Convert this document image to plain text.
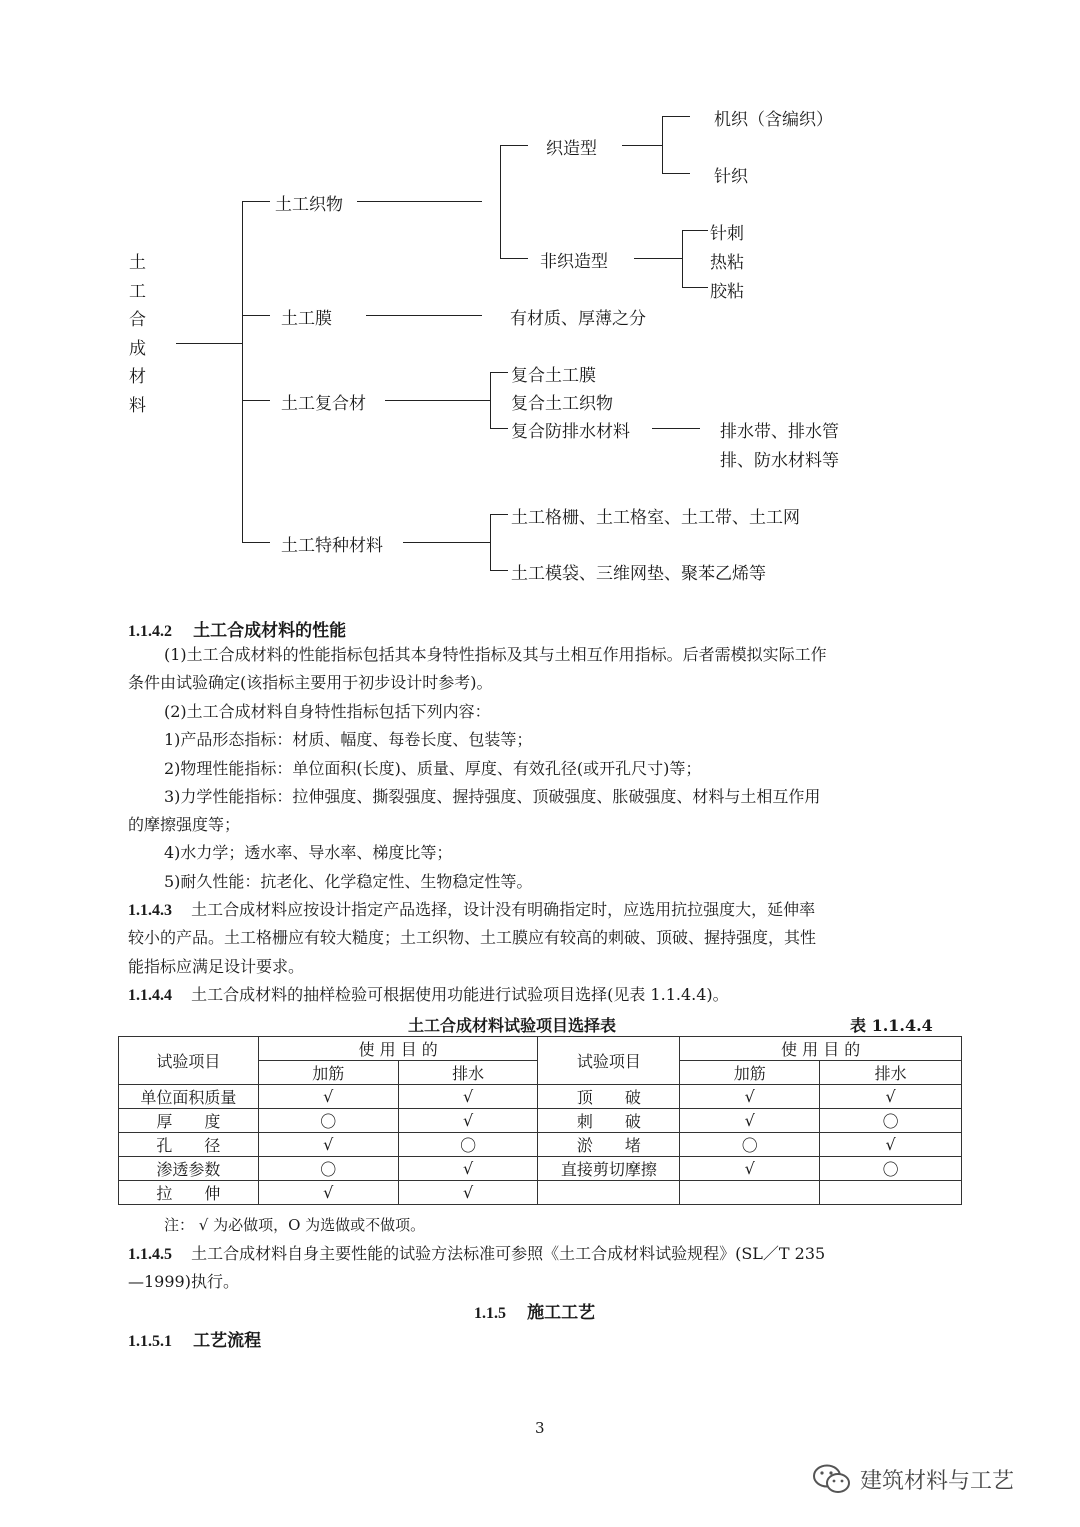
土
工
合
成
材
料
土工织物
织造型
机织（含编织）
针织
非织造型
针刺
热粘
胶粘
土工膜	有材质、厚薄之分
土工复合材
复合土工膜
复合土工织物
复合防排水材料	排水带、排水管
排、防水材料等
土工特种材料
土工格栅、土工格室、土工带、土工网
土工模袋、三维网垫、聚苯乙烯等
1.1.4.2 土工合成材料的性能
(1)土工合成材料的性能指标包括其本身特性指标及其与土相互作用指标。后者需模拟实际工作
条件由试验确定(该指标主要用于初步设计时参考)。
(2)土工合成材料自身特性指标包括下列内容：
1)产品形态指标：材质、幅度、每卷长度、包装等；
2)物理性能指标：单位面积(长度)、质量、厚度、有效孔径(或开孔尺寸)等；
3)力学性能指标：拉伸强度、撕裂强度、握持强度、顶破强度、胀破强度、材料与土相互作用
的摩擦强度等；
4)水力学；透水率、导水率、梯度比等；
5)耐久性能：抗老化、化学稳定性、生物稳定性等。
1.1.4.3 土工合成材料应按设计指定产品选择，设计没有明确指定时，应选用抗拉强度大，延伸率
较小的产品。土工格栅应有较大糙度；土工织物、土工膜应有较高的刺破、顶破、握持强度，其性
能指标应满足设计要求。
1.1.4.4 土工合成材料的抽样检验可根据使用功能进行试验项目选择(见表 1.1.4.4)。
土工合成材料试验项目选择表	表 1.1.4.4
试验项目	使 用 目 的		试验项目	使 用 目 的	
	加筋	排水		加筋	排水
单位面积质量	√	√	顶　　破	√	√
厚　　度	〇	√	刺　　破	√	〇
孔　　径	√	〇	淤　　堵	〇	√
渗透参数	〇	√	直接剪切摩擦	√	〇
拉　　伸	√	√			
注： √ 为必做项，O 为选做或不做项。
1.1.4.5 土工合成材料自身主要性能的试验方法标准可参照《土工合成材料试验规程》(SL／T 235
—1999)执行。
1.1.5 施工工艺
1.1.5.1 工艺流程
3
建筑材料与工艺
